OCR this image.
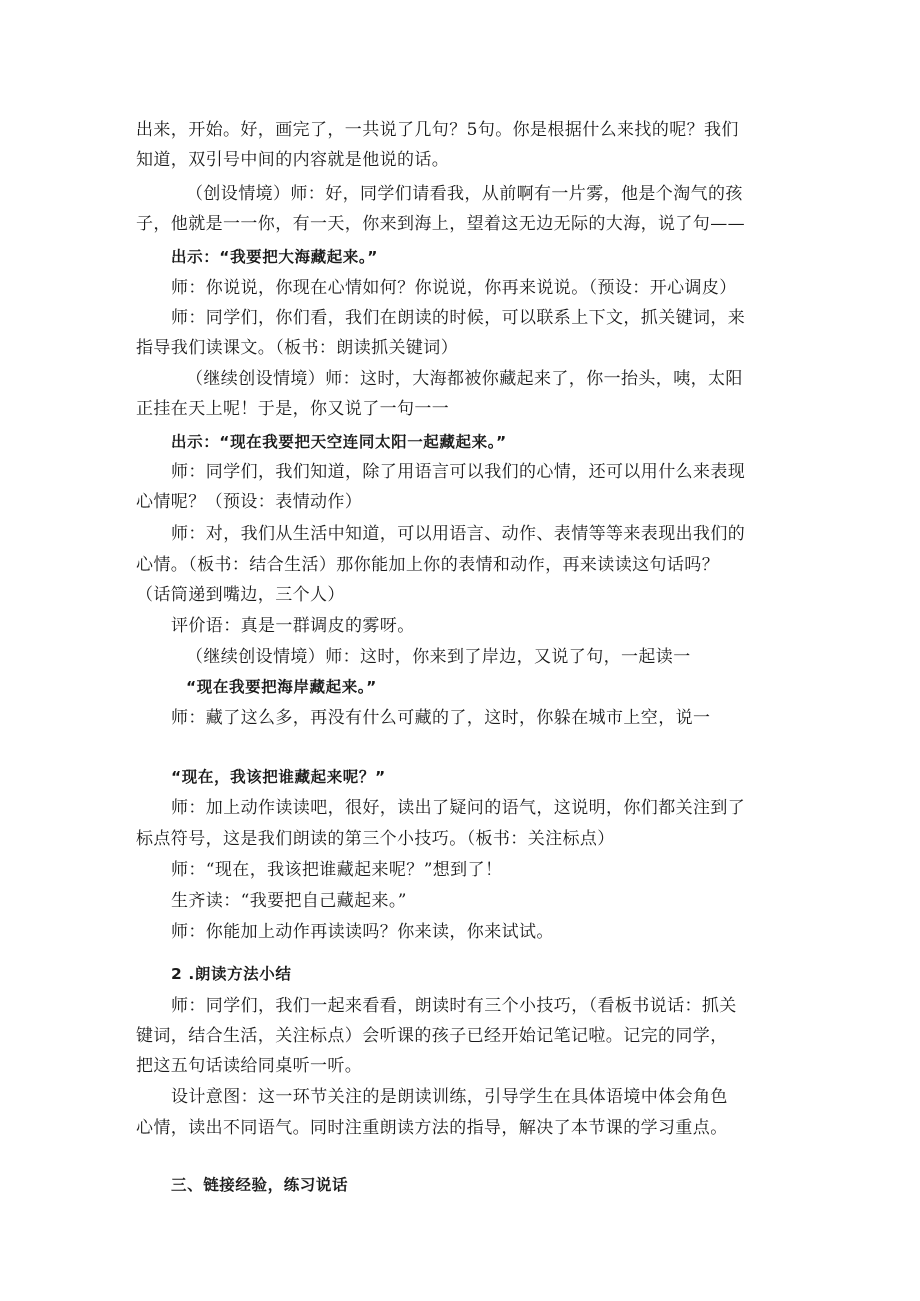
出来，开始。好，画完了，一共说了几句？5句。你是根据什么来找的呢？我们
知道，双引号中间的内容就是他说的话。
（创设情境）师：好，同学们请看我，从前啊有一片雾，他是个淘气的孩
子，他就是一一你，有一天，你来到海上，望着这无边无际的大海，说了句——
出示：“我要把大海藏起来。”
师：你说说，你现在心情如何？你说说，你再来说说。（预设：开心调皮）
师：同学们，你们看，我们在朗读的时候，可以联系上下文，抓关键词，来
指导我们读课文。（板书：朗读抓关键词）
（继续创设情境）师：这时，大海都被你藏起来了，你一抬头，咦，太阳
正挂在天上呢！于是，你又说了一句一一
出示：“现在我要把天空连同太阳一起藏起来。”
师：同学们，我们知道，除了用语言可以我们的心情，还可以用什么来表现
心情呢？（预设：表情动作）
师：对，我们从生活中知道，可以用语言、动作、表情等等来表现出我们的
心情。（板书：结合生活）那你能加上你的表情和动作，再来读读这句话吗？
（话筒递到嘴边，三个人）
评价语：真是一群调皮的雾呀。
（继续创设情境）师：这时，你来到了岸边，又说了句，一起读一
“现在我要把海岸藏起来。”
师：藏了这么多，再没有什么可藏的了，这时，你躲在城市上空，说一
“现在，我该把谁藏起来呢？”
师：加上动作读读吧，很好，读出了疑问的语气，这说明，你们都关注到了
标点符号，这是我们朗读的第三个小技巧。（板书：关注标点）
师：“现在，我该把谁藏起来呢？”想到了！
生齐读：“我要把自己藏起来。”
师：你能加上动作再读读吗？你来读，你来试试。
2 .朗读方法小结
师：同学们，我们一起来看看，朗读时有三个小技巧，（看板书说话：抓关
键词，结合生活，关注标点）会听课的孩子已经开始记笔记啦。记完的同学，
把这五句话读给同桌听一听。
设计意图：这一环节关注的是朗读训练，引导学生在具体语境中体会角色
心情，读出不同语气。同时注重朗读方法的指导，解决了本节课的学习重点。
三、链接经验，练习说话
